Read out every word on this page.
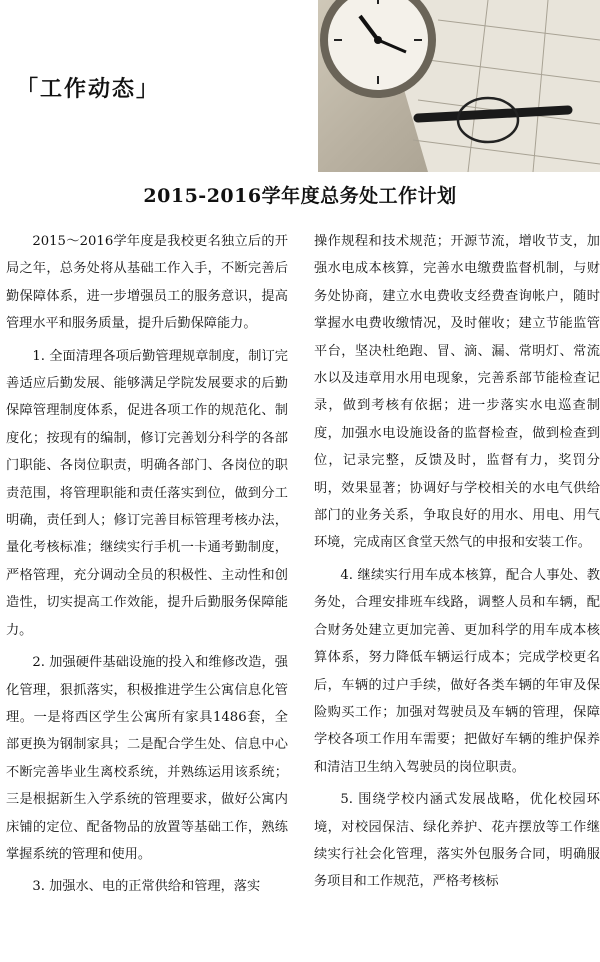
「工作动态」
2015-2016学年度总务处工作计划

2015～2016学年度是我校更名独立后的开局之年，总务处将从基础工作入手，不断完善后勤保障体系，进一步增强员工的服务意识，提高管理水平和服务质量，提升后勤保障能力。

1. 全面清理各项后勤管理规章制度，制订完善适应后勤发展、能够满足学院发展要求的后勤保障管理制度体系，促进各项工作的规范化、制度化；按现有的编制，修订完善划分科学的各部门职能、各岗位职责，明确各部门、各岗位的职责范围，将管理职能和责任落实到位，做到分工明确，责任到人；修订完善目标管理考核办法，量化考核标准；继续实行手机一卡通考勤制度，严格管理，充分调动全员的积极性、主动性和创造性，切实提高工作效能，提升后勤服务保障能力。

2. 加强硬件基础设施的投入和维修改造，强化管理，狠抓落实，积极推进学生公寓信息化管理。一是将西区学生公寓所有家具1486套，全部更换为钢制家具；二是配合学生处、信息中心不断完善毕业生离校系统，并熟练运用该系统；三是根据新生入学系统的管理要求，做好公寓内床铺的定位、配备物品的放置等基础工作，熟练掌握系统的管理和使用。

3. 加强水、电的正常供给和管理，落实

操作规程和技术规范；开源节流，增收节支，加强水电成本核算，完善水电缴费监督机制，与财务处协商，建立水电费收支经费查询帐户，随时掌握水电费收缴情况，及时催收；建立节能监管平台，坚决杜绝跑、冒、滴、漏、常明灯、常流水以及违章用水用电现象，完善系部节能检查记录，做到考核有依据；进一步落实水电巡查制度，加强水电设施设备的监督检查，做到检查到位，记录完整，反馈及时，监督有力，奖罚分明，效果显著；协调好与学校相关的水电气供给部门的业务关系，争取良好的用水、用电、用气环境，完成南区食堂天然气的申报和安装工作。

4. 继续实行用车成本核算，配合人事处、教务处，合理安排班车线路，调整人员和车辆，配合财务处建立更加完善、更加科学的用车成本核算体系，努力降低车辆运行成本；完成学校更名后，车辆的过户手续，做好各类车辆的年审及保险购买工作；加强对驾驶员及车辆的管理，保障学校各项工作用车需要；把做好车辆的维护保养和清洁卫生纳入驾驶员的岗位职责。

5. 围绕学校内涵式发展战略，优化校园环境，对校园保洁、绿化养护、花卉摆放等工作继续实行社会化管理，落实外包服务合同，明确服务项目和工作规范，严格考核标
